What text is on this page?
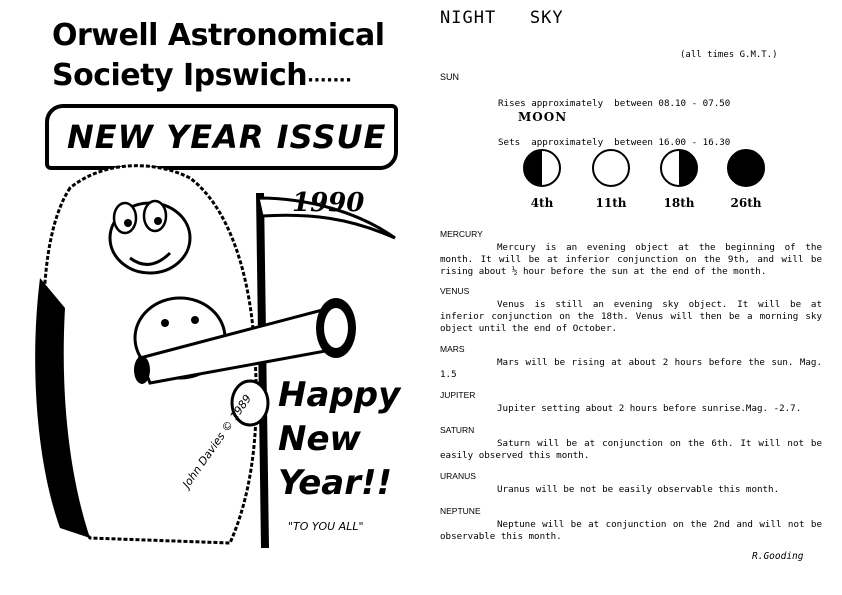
Orwell Astronomical
Society Ipswich.......
NEW YEAR ISSUE
1990
Happy
New
Year!!
"TO YOU ALL"
John Davies © 1989
NIGHT   SKY
(all times G.M.T.)
SUN

Rises approximately  between 08.10 - 07.50

Sets  approximately  between 16.00 - 16.30

MOON
4th	11th	18th	26th
MERCURY
Mercury is an evening object at the beginning of the month. It will be at inferior conjunction on the 9th, and will be rising about ½ hour before the sun at the end of the month.
VENUS
Venus is still an evening sky object. It will be at inferior conjunction on the 18th. Venus will then be a morning sky object until the end of October.
MARS
Mars will be rising at about 2 hours before the sun. Mag. 1.5
JUPITER
Jupiter setting about 2 hours before sunrise.Mag. -2.7.
SATURN
Saturn will be at conjunction on the 6th. It will not be easily observed this month.
URANUS
Uranus will be not be easily observable this month.
NEPTUNE
Neptune will be at conjunction on the 2nd and will not be observable this month.
R.Gooding
